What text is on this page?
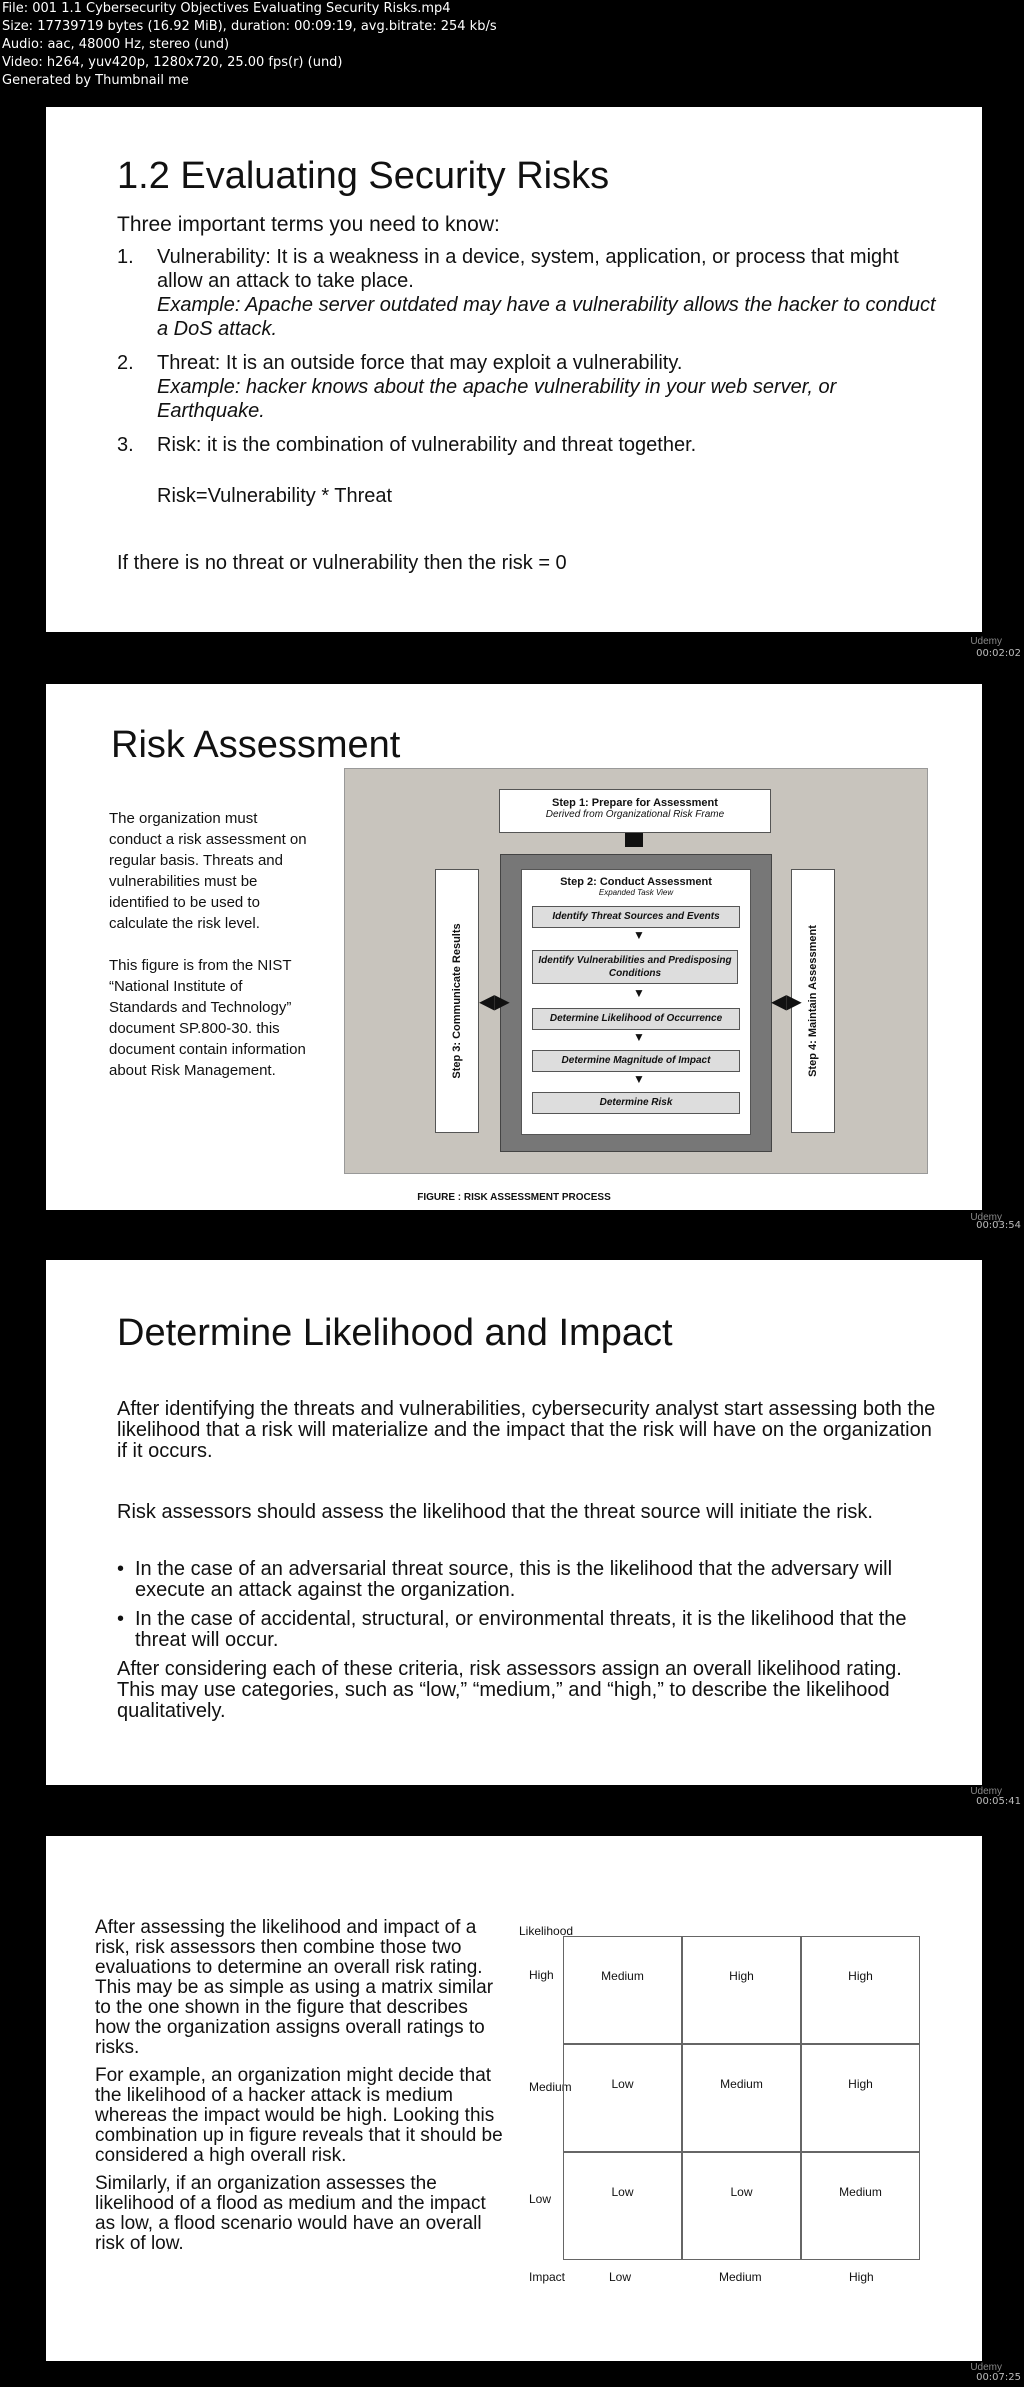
File: 001 1.1 Cybersecurity Objectives Evaluating Security Risks.mp4
Size: 17739719 bytes (16.92 MiB), duration: 00:09:19, avg.bitrate: 254 kb/s
Audio: aac, 48000 Hz, stereo (und)
Video: h264, yuv420p, 1280x720, 25.00 fps(r) (und)
Generated by Thumbnail me
1.2 Evaluating Security Risks
Three important terms you need to know:
1.	Vulnerability: It is a weakness in a device, system, application, or process that might allow an attack to take place.
Example: Apache server outdated may have a vulnerability allows the hacker to conduct a DoS attack.
2.	Threat: It is an outside force that may exploit a vulnerability.
Example: hacker knows about the apache vulnerability in your web server, or Earthquake.
3.	Risk: it is the combination of vulnerability and threat together.
Risk=Vulnerability * Threat
If there is no threat or vulnerability then the risk = 0
Udemy
00:02:02
Risk Assessment

The organization must conduct a risk assessment on regular basis. Threats and vulnerabilities must be identified to be used to calculate the risk level.

This figure is from the NIST “National Institute of Standards and Technology” document SP.800-30. this document contain information about Risk Management.

Step 1: Prepare for Assessment
Derived from Organizational Risk Frame
Step 2: Conduct Assessment
Expanded Task View
Identify Threat Sources and Events
Identify Vulnerabilities and Predisposing Conditions
Determine Likelihood of Occurrence
Determine Magnitude of Impact
Determine Risk
▼
▼
▼
▼
Step 3: Communicate Results	Step 4: Maintain Assessment
◀▶	◀▶
FIGURE : RISK ASSESSMENT PROCESS
Udemy
00:03:54
Determine Likelihood and Impact
After identifying the threats and vulnerabilities, cybersecurity analyst start assessing both the likelihood that a risk will materialize and the impact that the risk will have on the organization if it occurs.
Risk assessors should assess the likelihood that the threat source will initiate the risk.
• In the case of an adversarial threat source, this is the likelihood that the adversary will execute an attack against the organization.
• In the case of accidental, structural, or environmental threats, it is the likelihood that the threat will occur.
After considering each of these criteria, risk assessors assign an overall likelihood rating. This may use categories, such as “low,” “medium,” and “high,” to describe the likelihood qualitatively.
Udemy
00:05:41

After assessing the likelihood and impact of a risk, risk assessors then combine those two evaluations to determine an overall risk rating. This may be as simple as using a matrix similar to the one shown in the figure that describes how the organization assigns overall ratings to risks.

For example, an organization might decide that the likelihood of a hacker attack is medium whereas the impact would be high. Looking this combination up in figure reveals that it should be considered a high overall risk.

Similarly, if an organization assesses the likelihood of a flood as medium and the impact as low, a flood scenario would have an overall risk of low.

Likelihood
High
Medium
Low
Medium	High	High
Low	Medium	High
Low	Low	Medium
Impact	Low	Medium	High
Udemy
00:07:25
